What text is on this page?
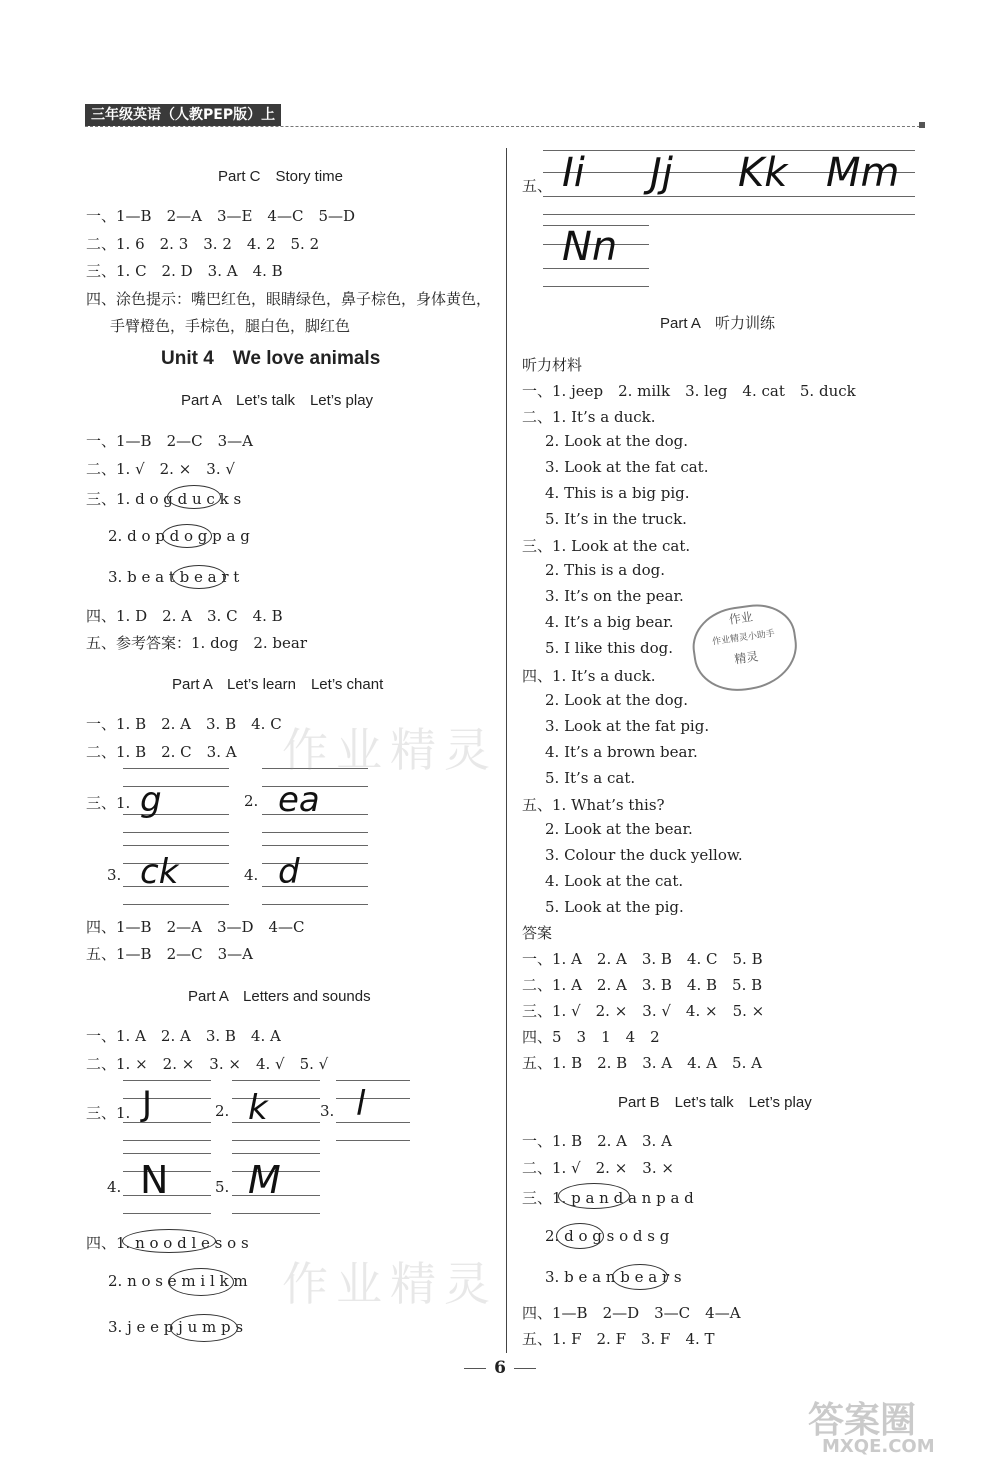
三年级英语（人教PEP版）上
Part C　Story time
一、1—B　2—A　3—E　4—C　5—D
二、1. 6　2. 3　3. 2　4. 2　5. 2
三、1. C　2. D　3. A　4. B
四、涂色提示：嘴巴红色，眼睛绿色，鼻子棕色，身体黄色，
手臂橙色，手棕色，腿白色，脚红色
Unit 4　We love animals
Part A　Let’s talk　Let’s play
一、1—B　2—C　3—A
二、1. √　2. ×　3. √
三、1. d o g d u c k s
2. d o p d o g p a g
3. b e a t b e a r t
四、1. D　2. A　3. C　4. B
五、参考答案：1. dog　2. bear
Part A　Let’s learn　Let’s chant
一、1. B　2. A　3. B　4. C
二、1. B　2. C　3. A
三、1. g	2. ea
3. ck	4. d
四、1—B　2—A　3—D　4—C
五、1—B　2—C　3—A
Part A　Letters and sounds
一、1. A　2. A　3. B　4. A
二、1. ×　2. ×　3. ×　4. √　5. √
三、1. J	2. k	3. l
4. N	5. M
四、1. n o o d l e s o s
2. n o s e m i l k m
3. j e e p j u m p s
五、 Ii Jj Kk Mm
Nn
Part A　听力训练
听力材料
一、1. jeep　2. milk　3. leg　4. cat　5. duck
二、1. It’s a duck.
2. Look at the dog.
3. Look at the fat cat.
4. This is a big pig.
5. It’s in the truck.
三、1. Look at the cat.
2. This is a dog.
3. It’s on the pear.
4. It’s a big bear.
5. I like this dog.
四、1. It’s a duck.
2. Look at the dog.
3. Look at the fat pig.
4. It’s a brown bear.
5. It’s a cat.
五、1. What’s this?
2. Look at the bear.
3. Colour the duck yellow.
4. Look at the cat.
5. Look at the pig.
答案
一、1. A　2. A　3. B　4. C　5. B
二、1. A　2. A　3. B　4. B　5. B
三、1. √　2. ×　3. √　4. ×　5. ×
四、5　3　1　4　2
五、1. B　2. B　3. A　4. A　5. A
Part B　Let’s talk　Let’s play
一、1. B　2. A　3. A
二、1. √　2. ×　3. ×
三、1. p a n d a n p a d
2. d o g s o d s g
3. b e a n b e a r s
四、1—B　2—D　3—C　4—A
五、1. F　2. F　3. F　4. T
作业
作业精灵小助手
精灵
作业精灵
作业精灵
6
答案圈
MXQE.COM
